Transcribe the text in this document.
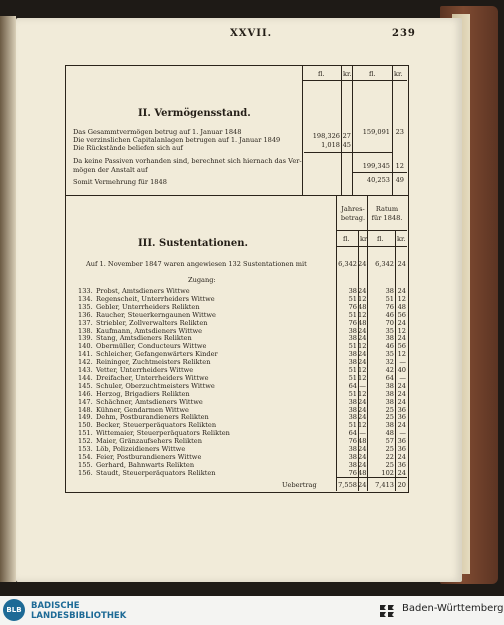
XXVII.	239
fl.	kr.	fl.	kr.
II. Vermögensstand.
Das Gesammtvermögen betrug auf 1. Januar 1848
Die verzinslichen Capitalanlagen betrugen auf 1. Januar 1849	198,326 27	159,091 23
Die Rückstände beliefen sich auf	1,018 45
Da keine Passiven vorhanden sind, berechnet sich hiernach das Ver-
mögen der Anstalt auf	199,345 12
Somit Vermehrung für 1848	40,253 49
Jahres-
betrag.
Ratum
für 1848.
fl. kr. fl. kr.
III. Sustentationen.
Auf 1. November 1847 waren angewiesen 132 Sustentationen mit	6,342 24	6,342 24
Zugang:
133. Probst, Amtsdieners Wittwe	38 24	38 24
134. Regenscheit, Unterrheiders Wittwe	51 12	51 12
135. Gebler, Unterrheiders Relikten	76 48	76 48
136. Raucher, Steuerkerngaunen Wittwe	51 12	46 56
137. Striebler, Zollverwalters Relikten	76 48	70 24
138. Kaufmann, Amtsdieners Wittwe	38 24	35 12
139. Stang, Amtsdieners Relikten	38 24	38 24
140. Obermüller, Conducteurs Wittwe	51 12	46 56
141. Schleicher, Gefangenwärters Kinder	38 24	35 12
142. Reininger, Zuchtmeisters Relikten	38 24	32 —
143. Vetter, Unterrheiders Wittwe	51 12	42 40
144. Dreifacher, Unterrheiders Wittwe	51 12	64 —
145. Schuler, Oberzuchtmeisters Wittwe	64 —	38 24
146. Herzog, Brigadiers Relikten	51 12	38 24
147. Schächner, Amtsdieners Wittwe	38 24	38 24
148. Kühner, Gendarmen Wittwe	38 24	25 36
149. Dehm, Postburandieners Relikten	38 24	25 36
150. Becker, Steuerperäquators Relikten	51 12	38 24
151. Wittemaier, Steuerperäquators Relikten	64 —	48 —
152. Maier, Gränzaufsehers Relikten	76 48	57 36
153. Löb, Polizeidieners Wittwe	38 24	25 36
154. Feier, Postburandieners Wittwe	38 24	22 24
155. Gerhard, Bahnwarts Relikten	38 24	25 36
156. Staudt, Steuerperäquators Relikten	76 48	102 24
Uebertrag	7,558 24	7,413 20
BLB	BADISCHE
LANDESBIBLIOTHEK
Baden-Württemberg
